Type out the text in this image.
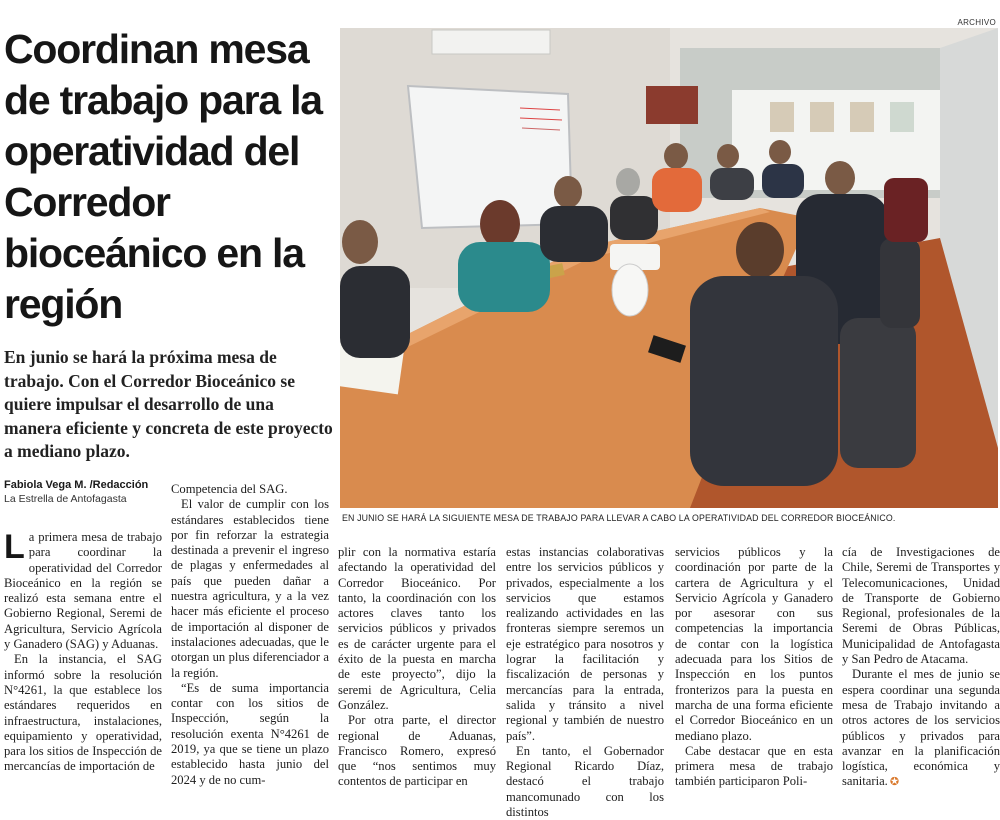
Coordinan mesa de trabajo para la operatividad del Corredor bioceánico en la región

En junio se hará la próxima mesa de trabajo. Con el Corredor Bioceánico se quiere impulsar el desarrollo de una manera eficiente y concreta de este proyecto a mediano plazo.

Fabiola Vega M. /Redacción
La Estrella de Antofagasta
ARCHIVO
EN JUNIO SE HARÁ LA SIGUIENTE MESA DE TRABAJO PARA LLEVAR A CABO LA OPERATIVIDAD DEL CORREDOR BIOCEÁNICO.
L a primera mesa de trabajo para coordinar la operatividad del Corredor Bioceánico en la región se realizó esta semana entre el Gobierno Regional, Seremi de Agricultura, Servicio Agrícola y Ganadero (SAG) y Aduanas.

En la instancia, el SAG informó sobre la resolución N°4261, la que establece los estándares requeridos en infraestructura, instalaciones, equipamiento y operatividad, para los sitios de Inspección de mercancías de importación de

Competencia del SAG.

El valor de cumplir con los estándares establecidos tiene por fin reforzar la estrategia destinada a prevenir el ingreso de plagas y enfermedades al país que pueden dañar a nuestra agricultura, y a la vez hacer más eficiente el proceso de importación al disponer de instalaciones adecuadas, que le otorgan un plus diferenciador a la región.

“Es de suma importancia contar con los sitios de Inspección, según la resolución exenta N°4261 de 2019, ya que se tiene un plazo establecido hasta junio del 2024 y de no cum-

plir con la normativa estaría afectando la operatividad del Corredor Bioceánico. Por tanto, la coordinación con los actores claves tanto los servicios públicos y privados es de carácter urgente para el éxito de la puesta en marcha de este proyecto”, dijo la seremi de Agricultura, Celia González.

Por otra parte, el director regional de Aduanas, Francisco Romero, expresó que “nos sentimos muy contentos de participar en

estas instancias colaborativas entre los servicios públicos y privados, especialmente a los servicios que estamos realizando actividades en las fronteras siempre seremos un eje estratégico para nosotros y lograr la facilitación y fiscalización de personas y mercancías para la entrada, salida y tránsito a nivel regional y también de nuestro país”.

En tanto, el Gobernador Regional Ricardo Díaz, destacó el trabajo mancomunado con los distintos

servicios públicos y la coordinación por parte de la cartera de Agricultura y el Servicio Agrícola y Ganadero por asesorar con sus competencias la importancia de contar con la logística adecuada para los Sitios de Inspección en los puntos fronterizos para la puesta en marcha de una forma eficiente el Corredor Bioceánico en un mediano plazo.

Cabe destacar que en esta primera mesa de trabajo también participaron Poli-

cía de Investigaciones de Chile, Seremi de Transportes y Telecomunicaciones, Unidad de Transporte de Gobierno Regional, profesionales de la Seremi de Obras Públicas, Municipalidad de Antofagasta y San Pedro de Atacama.

Durante el mes de junio se espera coordinar una segunda mesa de Trabajo invitando a otros actores de los servicios públicos y privados para avanzar en la planificación logística, económica y sanitaria. ✪
